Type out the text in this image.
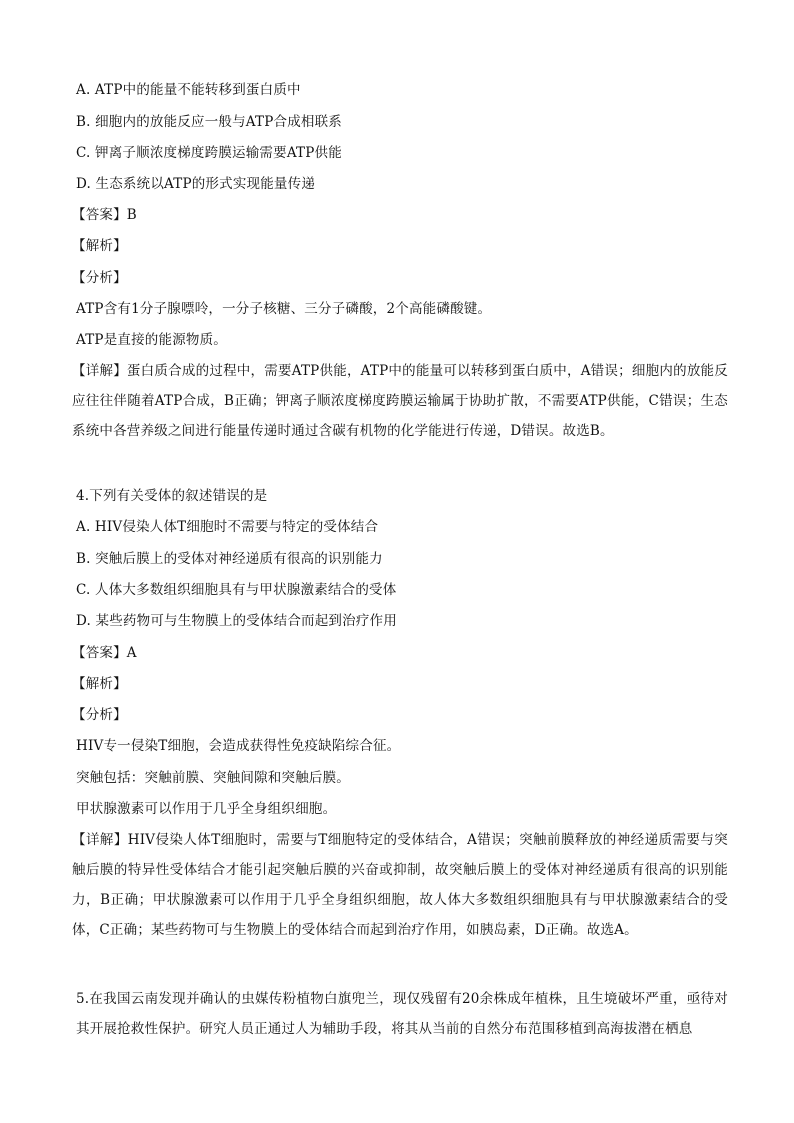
A. ATP中的能量不能转移到蛋白质中
B. 细胞内的放能反应一般与ATP合成相联系
C. 钾离子顺浓度梯度跨膜运输需要ATP供能
D. 生态系统以ATP的形式实现能量传递
【答案】B
【解析】
【分析】
ATP含有1分子腺嘌呤，一分子核糖、三分子磷酸，2个高能磷酸键。
ATP是直接的能源物质。
【详解】蛋白质合成的过程中，需要ATP供能，ATP中的能量可以转移到蛋白质中，A错误；细胞内的放能反应往往伴随着ATP合成，B正确；钾离子顺浓度梯度跨膜运输属于协助扩散，不需要ATP供能，C错误；生态系统中各营养级之间进行能量传递时通过含碳有机物的化学能进行传递，D错误。故选B。
4.下列有关受体的叙述错误的是
A. HIV侵染人体T细胞时不需要与特定的受体结合
B. 突触后膜上的受体对神经递质有很高的识别能力
C. 人体大多数组织细胞具有与甲状腺激素结合的受体
D. 某些药物可与生物膜上的受体结合而起到治疗作用
【答案】A
【解析】
【分析】
HIV专一侵染T细胞，会造成获得性免疫缺陷综合征。
突触包括：突触前膜、突触间隙和突触后膜。
甲状腺激素可以作用于几乎全身组织细胞。
【详解】HIV侵染人体T细胞时，需要与T细胞特定的受体结合，A错误；突触前膜释放的神经递质需要与突触后膜的特异性受体结合才能引起突触后膜的兴奋或抑制，故突触后膜上的受体对神经递质有很高的识别能力，B正确；甲状腺激素可以作用于几乎全身组织细胞，故人体大多数组织细胞具有与甲状腺激素结合的受体，C正确；某些药物可与生物膜上的受体结合而起到治疗作用，如胰岛素，D正确。故选A。
5.在我国云南发现并确认的虫媒传粉植物白旗兜兰，现仅残留有20余株成年植株，且生境破坏严重，亟待对其开展抢救性保护。研究人员正通过人为辅助手段，将其从当前的自然分布范围移植到高海拔潜在栖息
